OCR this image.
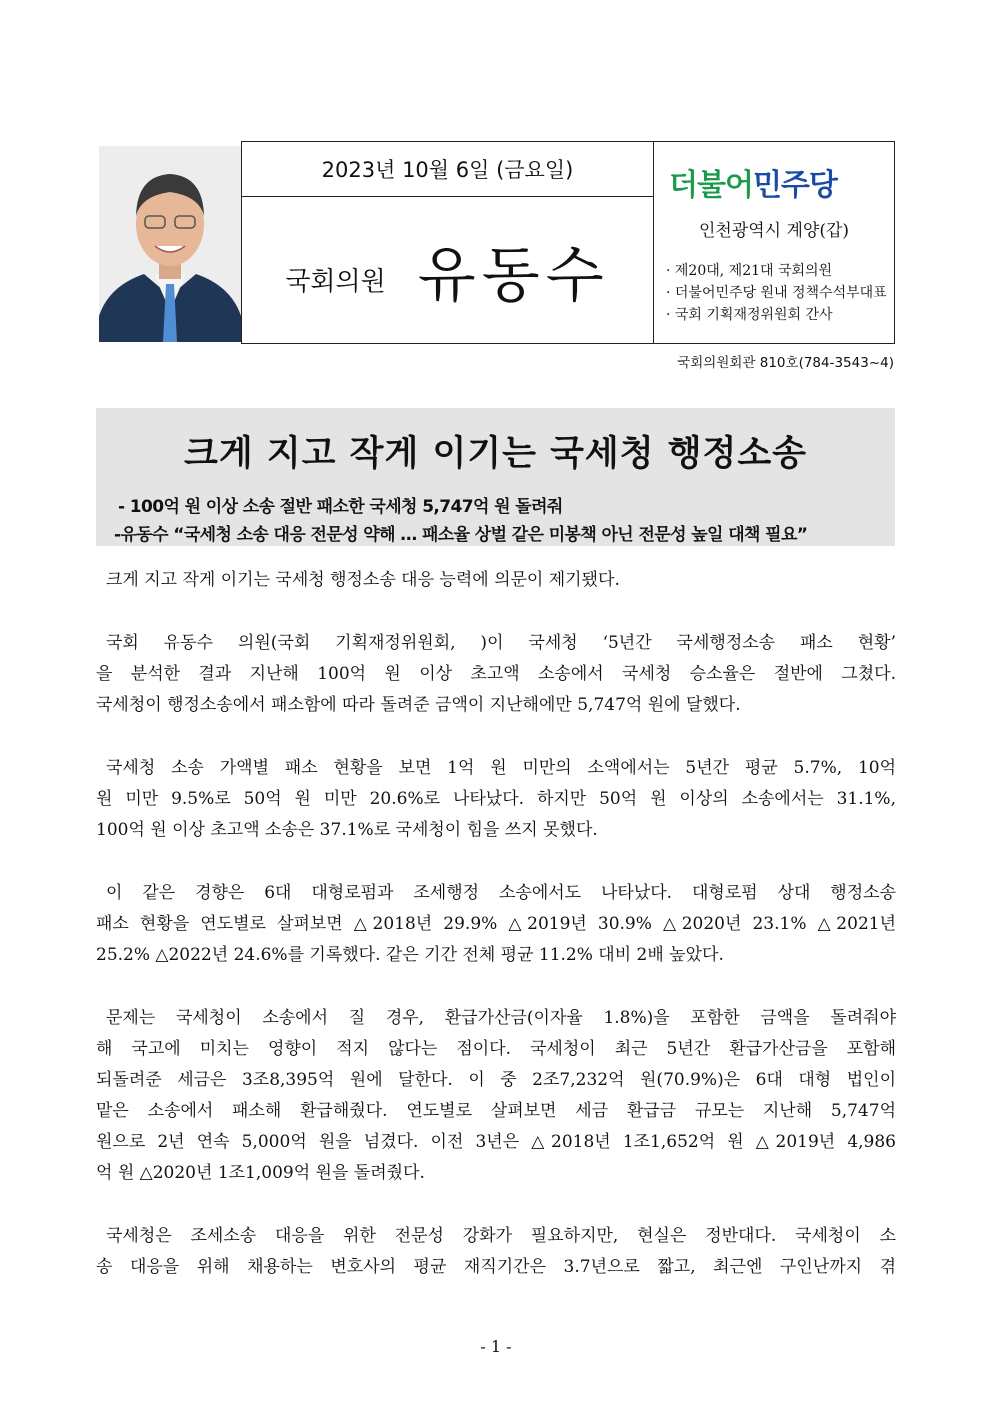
2023년 10월 6일 (금요일)
국회의원 유동수
더불어민주당
인천광역시 계양(갑)
· 제20대, 제21대 국회의원
· 더불어민주당 원내 정책수석부대표
· 국회 기획재정위원회 간사
국회의원회관 810호(784-3543~4)
크게 지고 작게 이기는 국세청 행정소송
- 100억 원 이상 소송 절반 패소한 국세청 5,747억 원 돌려줘
-유동수 “국세청 소송 대응 전문성 약해 … 패소율 상벌 같은 미봉책 아닌 전문성 높일 대책 필요”

크게 지고 작게 이기는 국세청 행정소송 대응 능력에 의문이 제기됐다.

국회 유동수 의원(국회 기획재정위원회, )이 국세청 ‘5년간 국세행정소송 패소 현황’
을 분석한 결과 지난해 100억 원 이상 초고액 소송에서 국세청 승소율은 절반에 그쳤다.
국세청이 행정소송에서 패소함에 따라 돌려준 금액이 지난해에만 5,747억 원에 달했다.

국세청 소송 가액별 패소 현황을 보면 1억 원 미만의 소액에서는 5년간 평균 5.7%, 10억
원 미만 9.5%로 50억 원 미만 20.6%로 나타났다. 하지만 50억 원 이상의 소송에서는 31.1%,
100억 원 이상 초고액 소송은 37.1%로 국세청이 힘을 쓰지 못했다.

이 같은 경향은 6대 대형로펌과 조세행정 소송에서도 나타났다. 대형로펌 상대 행정소송
패소 현황을 연도별로 살펴보면 △2018년 29.9% △2019년 30.9% △2020년 23.1% △2021년
25.2% △2022년 24.6%를 기록했다. 같은 기간 전체 평균 11.2% 대비 2배 높았다.

문제는 국세청이 소송에서 질 경우, 환급가산금(이자율 1.8%)을 포함한 금액을 돌려줘야
해 국고에 미치는 영향이 적지 않다는 점이다. 국세청이 최근 5년간 환급가산금을 포함해
되돌려준 세금은 3조8,395억 원에 달한다. 이 중 2조7,232억 원(70.9%)은 6대 대형 법인이
맡은 소송에서 패소해 환급해줬다. 연도별로 살펴보면 세금 환급금 규모는 지난해 5,747억
원으로 2년 연속 5,000억 원을 넘겼다. 이전 3년은 △2018년 1조1,652억 원 △2019년 4,986
억 원 △2020년 1조1,009억 원을 돌려줬다.

국세청은 조세소송 대응을 위한 전문성 강화가 필요하지만, 현실은 정반대다. 국세청이 소
송 대응을 위해 채용하는 변호사의 평균 재직기간은 3.7년으로 짧고, 최근엔 구인난까지 겪

- 1 -
